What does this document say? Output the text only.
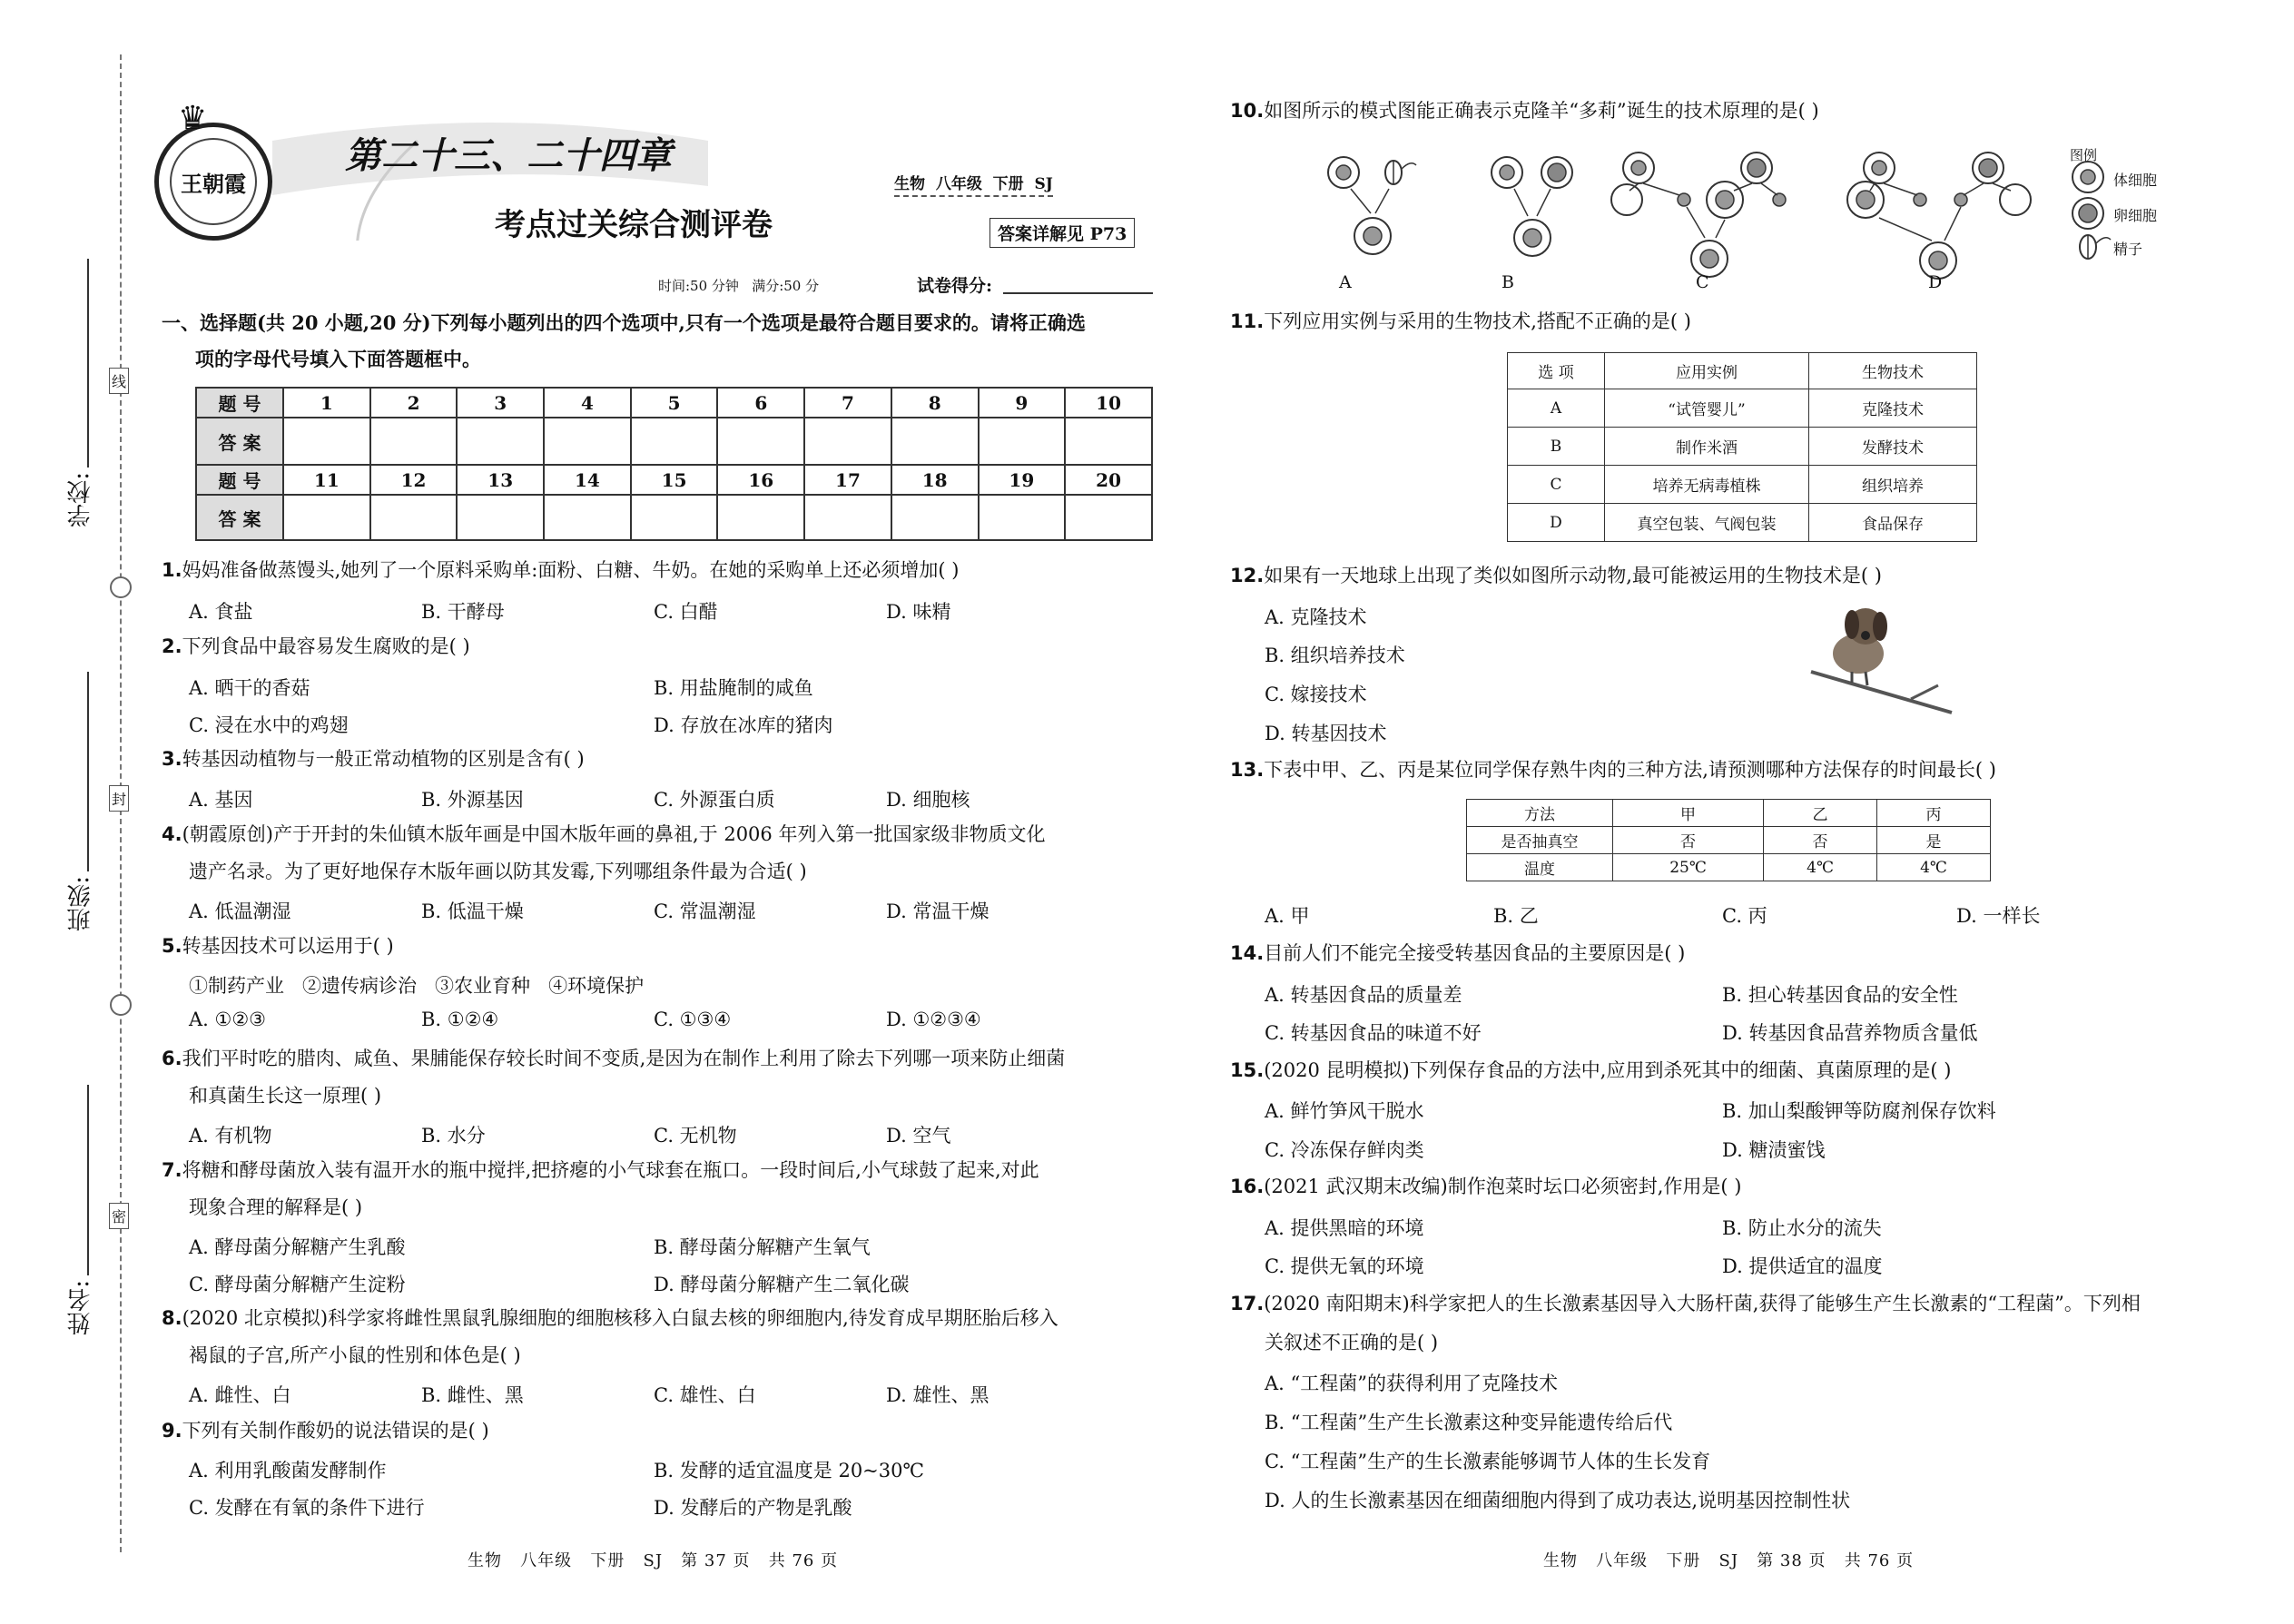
学校:
班级:
姓名:
线
封
密
王朝霞
♛
第二十三、二十四章
考点过关综合测评卷
生物  八年级  下册  SJ
答案详解见 P73
时间:50 分钟   满分:50 分	试卷得分:
一、选择题(共 20 小题,20 分)下列每小题列出的四个选项中,只有一个选项是最符合题目要求的。请将正确选
项的字母代号填入下面答题框中。
题 号	1	2	3	4	5	6	7	8	9	10
答 案										
题 号	11	12	13	14	15	16	17	18	19	20
答 案										
1.妈妈准备做蒸馒头,她列了一个原料采购单:面粉、白糖、牛奶。在她的采购单上还必须增加( )
A. 食盐	B. 干酵母	C. 白醋	D. 味精
2.下列食品中最容易发生腐败的是( )
A. 晒干的香菇	B. 用盐腌制的咸鱼
C. 浸在水中的鸡翅	D. 存放在冰库的猪肉
3.转基因动植物与一般正常动植物的区别是含有( )
A. 基因	B. 外源基因	C. 外源蛋白质	D. 细胞核
4.(朝霞原创)产于开封的朱仙镇木版年画是中国木版年画的鼻祖,于 2006 年列入第一批国家级非物质文化
遗产名录。为了更好地保存木版年画以防其发霉,下列哪组条件最为合适( )
A. 低温潮湿	B. 低温干燥	C. 常温潮湿	D. 常温干燥
5.转基因技术可以运用于( )
①制药产业   ②遗传病诊治   ③农业育种   ④环境保护
A. ①②③	B. ①②④	C. ①③④	D. ①②③④
6.我们平时吃的腊肉、咸鱼、果脯能保存较长时间不变质,是因为在制作上利用了除去下列哪一项来防止细菌
和真菌生长这一原理( )
A. 有机物	B. 水分	C. 无机物	D. 空气
7.将糖和酵母菌放入装有温开水的瓶中搅拌,把挤瘪的小气球套在瓶口。一段时间后,小气球鼓了起来,对此
现象合理的解释是( )
A. 酵母菌分解糖产生乳酸	B. 酵母菌分解糖产生氧气
C. 酵母菌分解糖产生淀粉	D. 酵母菌分解糖产生二氧化碳
8.(2020 北京模拟)科学家将雌性黑鼠乳腺细胞的细胞核移入白鼠去核的卵细胞内,待发育成早期胚胎后移入
褐鼠的子宫,所产小鼠的性别和体色是( )
A. 雌性、白	B. 雌性、黑	C. 雄性、白	D. 雄性、黑
9.下列有关制作酸奶的说法错误的是( )
A. 利用乳酸菌发酵制作	B. 发酵的适宜温度是 20~30℃
C. 发酵在有氧的条件下进行	D. 发酵后的产物是乳酸
生物   八年级   下册   SJ   第 37 页   共 76 页
10.如图所示的模式图能正确表示克隆羊“多莉”诞生的技术原理的是( )
A	B	C	D
图例
体细胞
卵细胞
精子
11.下列应用实例与采用的生物技术,搭配不正确的是( )
选 项	应用实例	生物技术
A	“试管婴儿”	克隆技术
B	制作米酒	发酵技术
C	培养无病毒植株	组织培养
D	真空包装、气阀包装	食品保存
12.如果有一天地球上出现了类似如图所示动物,最可能被运用的生物技术是( )
A. 克隆技术
B. 组织培养技术
C. 嫁接技术
D. 转基因技术
13.下表中甲、乙、丙是某位同学保存熟牛肉的三种方法,请预测哪种方法保存的时间最长( )
方法	甲	乙	丙
是否抽真空	否	否	是
温度	25℃	4℃	4℃
A. 甲	B. 乙	C. 丙	D. 一样长
14.目前人们不能完全接受转基因食品的主要原因是( )
A. 转基因食品的质量差	B. 担心转基因食品的安全性
C. 转基因食品的味道不好	D. 转基因食品营养物质含量低
15.(2020 昆明模拟)下列保存食品的方法中,应用到杀死其中的细菌、真菌原理的是( )
A. 鲜竹笋风干脱水	B. 加山梨酸钾等防腐剂保存饮料
C. 冷冻保存鲜肉类	D. 糖渍蜜饯
16.(2021 武汉期末改编)制作泡菜时坛口必须密封,作用是( )
A. 提供黑暗的环境	B. 防止水分的流失
C. 提供无氧的环境	D. 提供适宜的温度
17.(2020 南阳期末)科学家把人的生长激素基因导入大肠杆菌,获得了能够生产生长激素的“工程菌”。下列相
关叙述不正确的是( )
A. “工程菌”的获得利用了克隆技术
B. “工程菌”生产生长激素这种变异能遗传给后代
C. “工程菌”生产的生长激素能够调节人体的生长发育
D. 人的生长激素基因在细菌细胞内得到了成功表达,说明基因控制性状
生物   八年级   下册   SJ   第 38 页   共 76 页
